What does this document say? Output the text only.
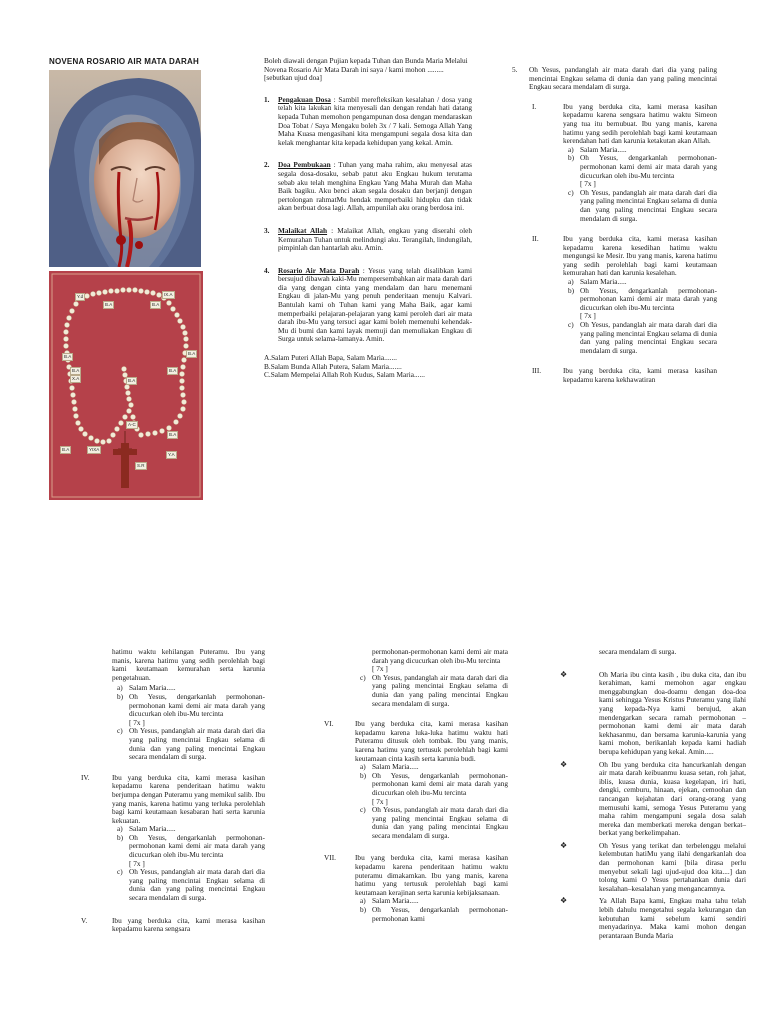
NOVENA ROSARIO AIR MATA DARAH
Y.d	IX.A
B.A	B.A
B.A
B.A
X.A
B.A
B.A
A-C
B.A
B.A
YIXA
B.A
Y.A
S.R

Boleh diawali dengan Pujian kepada Tuhan dan Bunda Maria Melalui Novena Rosario Air Mata Darah ini saya / kami mohon ......... [sebutkan ujud doa]

1. Pengakuan Dosa : Sambil merefleksikan kesalahan / dosa yang telah kita lakukan kita menyesali dan dengan rendah hati datang kepada Tuhan memohon pengampunan dosa dengan mendaraskan Doa Tobat / Saya Mengaku boleh 3x / 7 kali. Semoga Allah Yang Maha Kuasa mengasihani kita mengampuni segala dosa kita dan kelak menghantar kita kepada kehidupan yang kekal. Amin.
2. Doa Pembukaan : Tuhan yang maha rahim, aku menyesal atas segala dosa-dosaku, sebab patut aku Engkau hukum terutama sebab aku telah menghina Engkau Yang Maha Murah dan Maha Baik bagiku. Aku benci akan segala dosaku dan berjanji dengan pertolongan rahmatMu hendak memperbaiki hidupku dan tidak akan berbuat dosa lagi. Allah, ampunilah aku orang berdosa ini.
3. Malaikat Allah : Malaikat Allah, engkau yang diserahi oleh Kemurahan Tuhan untuk melindungi aku. Terangilah, lindungilah, pimpinlah dan hantarlah aku. Amin.
4. Rosario Air Mata Darah : Yesus yang telah disalibkan kami bersujud dibawah kaki-Mu mempersembahkan air mata darah dari dia yang dengan cinta yang mendalam dan haru menemani Engkau di jalan-Mu yang penuh penderitaan menuju Kalvari. Bantulah kami oh Tuhan kami yang Maha Baik, agar kami memperbaiki pelajaran-pelajaran yang kami peroleh dari air mata darah ibu-Mu yang tersuci agar kami boleh memenuhi kehendak-Mu di bumi dan kami layak memuji dan memuliakan Engkau di Surga untuk selama-lamanya. Amin.

A.Salam Puteri Allah Bapa, Salam Maria.......

B.Salam Bunda Allah Putera, Salam Maria.......

C.Salam Mempelai Allah Roh Kudus, Salam Maria......

5. Oh Yesus, pandanglah air mata darah dari dia yang paling mencintai Engkau selama di dunia dan yang paling mencintai Engkau secara mendalam di surga.
I.	Ibu yang berduka cita, kami merasa kasihan kepadamu karena sengsara hatimu waktu Simeon yang tua itu bernubuat. Ibu yang manis, karena hatimu yang sedih perolehlah bagi kami keutamaan kerendahan hati dan karunia ketakutan akan Allah.
a) Salam Maria.....
b) Oh Yesus, dengarkanlah permohonan-permohonan kami demi air mata darah yang dicucurkan oleh ibu-Mu tercinta
[ 7x ]
c) Oh Yesus, pandanglah air mata darah dari dia yang paling mencintai Engkau selama di dunia dan yang paling mencintai Engkau secara mendalam di surga.
II.	Ibu yang berduka cita, kami merasa kasihan kepadamu karena kesedihan hatimu waktu mengungsi ke Mesir. Ibu yang manis, karena hatimu yang sedih perolehlah bagi kami keutamaan kemurahan hati dan karunia kesalehan.
a) Salam Maria.....
b) Oh Yesus, dengarkanlah permohonan-permohonan kami demi air mata darah yang dicucurkan oleh ibu-Mu tercinta
[ 7x ]
c) Oh Yesus, pandanglah air mata darah dari dia yang paling mencintai Engkau selama di dunia dan yang paling mencintai Engkau secara mendalam di surga.
III.	Ibu yang berduka cita, kami merasa kasihan kepadamu karena kekhawatiran
hatimu waktu kehilangan Puteramu. Ibu yang manis, karena hatimu yang sedih perolehlah bagi kami keutamaan kemurahan serta karunia pengetahuan.
a) Salam Maria.....
b) Oh Yesus, dengarkanlah permohonan-permohonan kami demi air mata darah yang dicucurkan oleh ibu-Mu tercinta
[ 7x ]
c) Oh Yesus, pandanglah air mata darah dari dia yang paling mencintai Engkau selama di dunia dan yang paling mencintai Engkau secara mendalam di surga.
IV.	Ibu yang berduka cita, kami merasa kasihan kepadamu karena penderitaan hatimu waktu berjumpa dengan Puteramu yang memikul salib. Ibu yang manis, karena hatimu yang terluka perolehlah bagi kami keutamaan kesabaran hati serta karunia kekuatan.
a) Salam Maria.....
b) Oh Yesus, dengarkanlah permohonan-permohonan kami demi air mata darah yang dicucurkan oleh ibu-Mu tercinta
[ 7x ]
c) Oh Yesus, pandanglah air mata darah dari dia yang paling mencintai Engkau selama di dunia dan yang paling mencintai Engkau secara mendalam di surga.
V.	Ibu yang berduka cita, kami merasa kasihan kepadamu karena sengsara
permohonan-permohonan kami demi air mata darah yang dicucurkan oleh ibu-Mu tercinta
[ 7x ]
c) Oh Yesus, pandanglah air mata darah dari dia yang paling mencintai Engkau selama di dunia dan yang paling mencintai Engkau secara mendalam di surga.
VI.	Ibu yang berduka cita, kami merasa kasihan kepadamu karena luka-luka hatimu waktu hati Puteramu ditusuk oleh tombak. Ibu yang manis, karena hatimu yang tertusuk perolehlah bagi kami keutamaan cinta kasih serta karunia budi.
a) Salam Maria.....
b) Oh Yesus, dengarkanlah permohonan-permohonan kami demi air mata darah yang dicucurkan oleh ibu-Mu tercinta
[ 7x ]
c) Oh Yesus, pandanglah air mata darah dari dia yang paling mencintai Engkau selama di dunia dan yang paling mencintai Engkau secara mendalam di surga.
VII.	Ibu yang berduka cita, kami merasa kasihan kepadamu karena penderitaan hatimu waktu puteramu dimakamkan. Ibu yang manis, karena hatimu yang tertusuk perolehlah bagi kami keutamaan kerajinan serta karunia kebijaksanaan.
a) Salam Maria.....
b) Oh Yesus, dengarkanlah permohonan-permohonan kami

secara mendalam di surga.

❖	Oh Maria ibu cinta kasih , ibu duka cita, dan ibu kerahiman, kami memohon agar engkau menggabungkan doa-doamu dengan doa-doa kami sehingga Yesus Kristus Puteramu yang ilahi yang kepada-Nya kami berujud, akan mendengarkan secara ramah permohonan – permohonan kami demi air mata darah kekhasanmu, dan bersama karunia-karunia yang kami mohon, berikanlah kepada kami hadiah berupa kehidupan yang kekal. Amin.....
❖	Oh Ibu yang berduka cita hancurkanlah dengan air mata darah keibuanmu kuasa setan, roh jahat, iblis, kuasa dunia, kuasa kegelapan, iri hati, dengki, cemburu, hinaan, ejekan, cemoohan dan rancangan kejahatan dari orang-orang yang memusuhi kami, semoga Yesus Puteramu yang maha rahim mengampuni segala dosa salah mereka dan memberkati mereka dengan berkat– berkat yang berkelimpahan.
❖	Oh Yesus yang terikat dan terbelenggu melalui kelembutan hatiMu yang ilahi dengarkanlah doa dan permohonan kami [bila dirasa perlu menyebut sekali lagi ujud-ujud doa kita....] dan tolong kami O Yesus pertahankan dunia dari kesalahan–kesalahan yang mengancamnya.
❖	Ya Allah Bapa kami, Engkau maha tahu telah lebih dahulu mengetahui segala kekurangan dan kebutuhan kami sebelum kami sendiri menyadarinya. Maka kami mohon dengan perantaraan Bunda Maria
